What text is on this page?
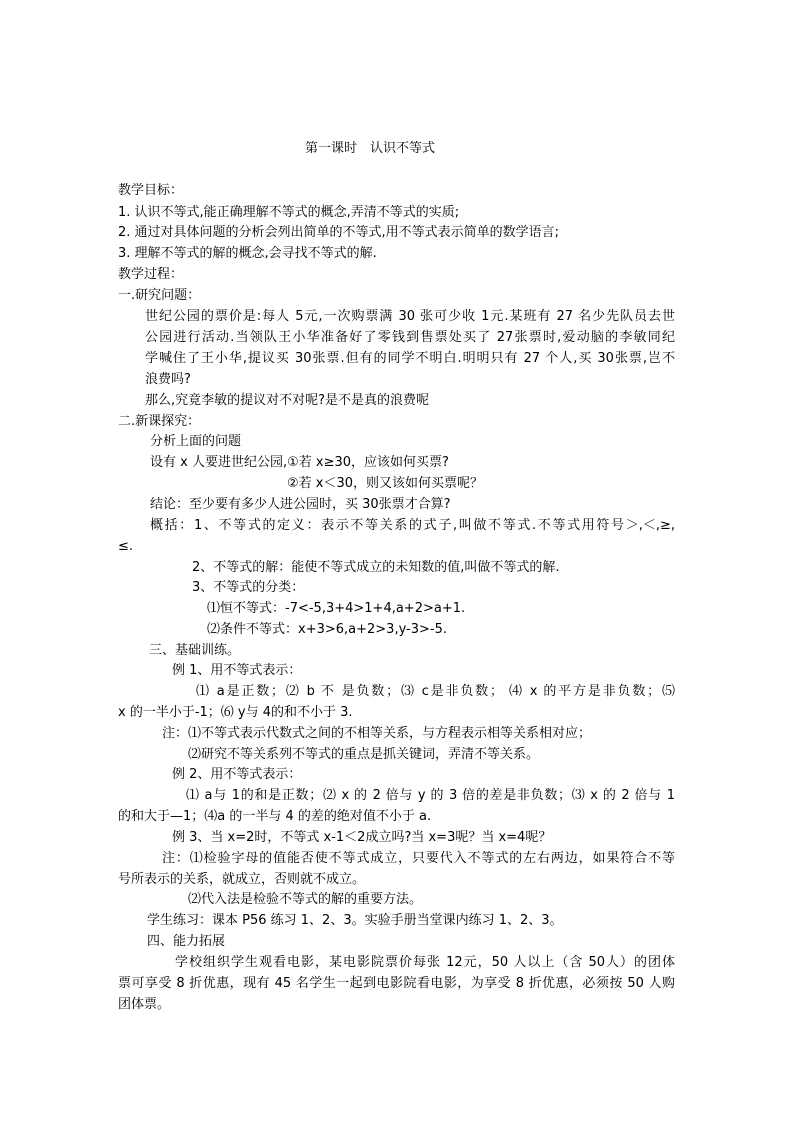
第一课时　认识不等式
教学目标：
1. 认识不等式,能正确理解不等式的概念,弄清不等式的实质;
2. 通过对具体问题的分析会列出简单的不等式,用不等式表示简单的数学语言;
3. 理解不等式的解的概念,会寻找不等式的解.
教学过程：
一.研究问题：
世纪公园的票价是:每人 5元,一次购票满 30 张可少收 1元.某班有 27 名少先队员去世
公园进行活动.当领队王小华准备好了零钱到售票处买了 27张票时,爱动脑的李敏同纪
学喊住了王小华,提议买 30张票.但有的同学不明白.明明只有 27 个人,买 30张票,岂不
浪费吗?
那么,究竟李敏的提议对不对呢?是不是真的浪费呢
二.新课探究：
分析上面的问题
设有 x 人要进世纪公园,①若 x≥30，应该如何买票?
②若 x＜30，则又该如何买票呢？
结论：至少要有多少人进公园时，买 30张票才合算?
概括：1、不等式的定义：表示不等关系的式子,叫做不等式.不等式用符号＞,＜,≥,
≤.
2、不等式的解：能使不等式成立的未知数的值,叫做不等式的解.
3、不等式的分类：
⑴恒不等式：-7<-5,3+4>1+4,a+2>a+1.
⑵条件不等式：x+3>6,a+2>3,y-3>-5.
三、基础训练。
例 1、用不等式表示：
⑴ a是正数；⑵ b 不 是负数；⑶ c是非负数； ⑷ x 的平方是非负数；⑸
x 的一半小于-1；⑹ y与 4的和不小于 3.
注：⑴不等式表示代数式之间的不相等关系，与方程表示相等关系相对应；
⑵研究不等关系列不等式的重点是抓关键词，弄清不等关系。
例 2、用不等式表示：
⑴ a与 1的和是正数；⑵ x 的 2 倍与 y 的 3 倍的差是非负数；⑶ x 的 2 倍与 1
的和大于—1；⑷a 的一半与 4 的差的绝对值不小于 a.
例 3、当 x=2时，不等式 x-1＜2成立吗?当 x=3呢？当 x=4呢？
注：⑴检验字母的值能否使不等式成立，只要代入不等式的左右两边，如果符合不等
号所表示的关系，就成立，否则就不成立。
⑵代入法是检验不等式的解的重要方法。
学生练习：课本 P56 练习 1、2、3。实验手册当堂课内练习 1、2、3。
四、能力拓展
学校组织学生观看电影，某电影院票价每张 12元，50 人以上（含 50人）的团体
票可享受 8 折优惠，现有 45 名学生一起到电影院看电影，为享受 8 折优惠，必须按 50 人购
团体票。
